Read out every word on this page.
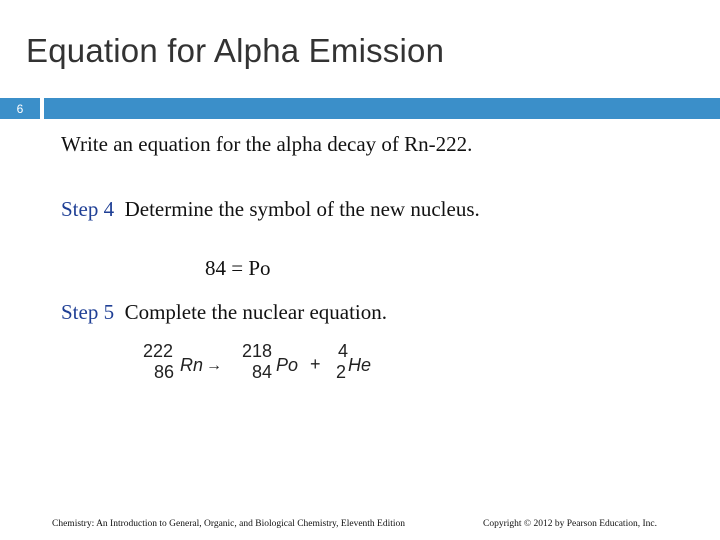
Equation for Alpha Emission
6
Write an equation for the alpha decay of Rn-222.
Step 4 Determine the symbol of the new nucleus.
84 = Po
Step 5 Complete the nuclear equation.
222
86 Rn →
218
84 Po +
4
2 He
Chemistry: An Introduction to General, Organic, and Biological Chemistry, Eleventh Edition	Copyright © 2012 by Pearson Education, Inc.
